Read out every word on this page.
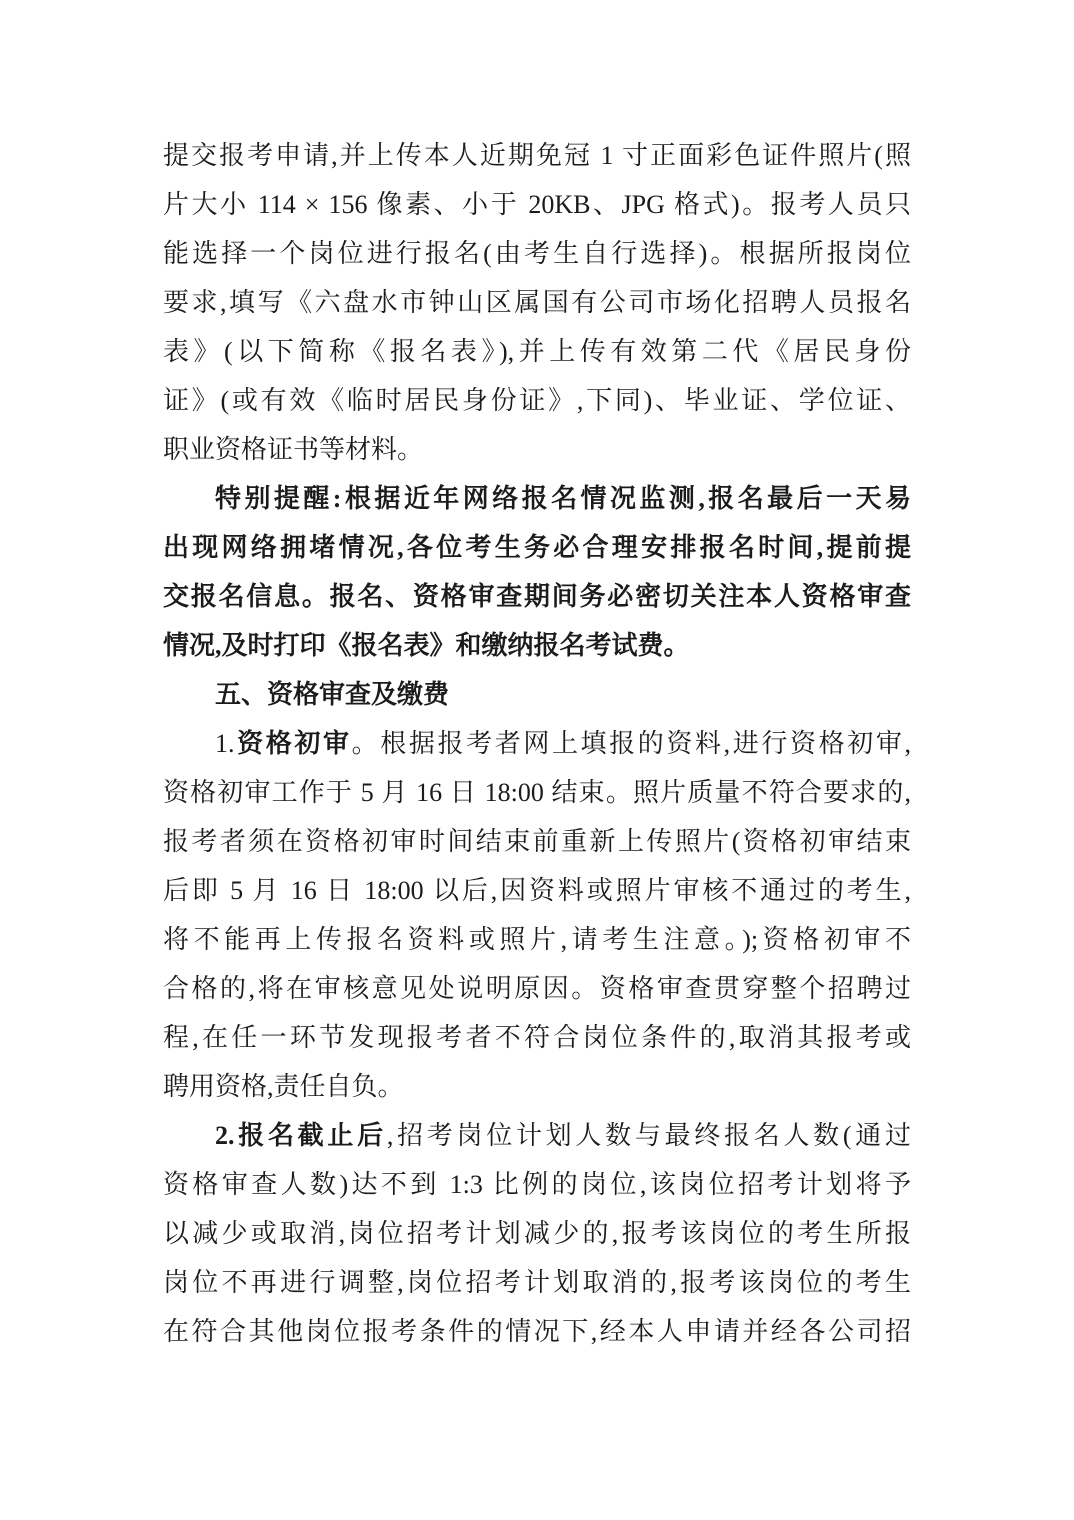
提交报考申请,并上传本人近期免冠 1 寸正面彩色证件照片(照
片大小 114 × 156 像素、小于 20KB、JPG 格式)。报考人员只
能选择一个岗位进行报名(由考生自行选择)。根据所报岗位
要求,填写《六盘水市钟山区属国有公司市场化招聘人员报名
表》(以下简称《报名表》),并上传有效第二代《居民身份
证》(或有效《临时居民身份证》,下同)、毕业证、学位证、
职业资格证书等材料。
特别提醒:根据近年网络报名情况监测,报名最后一天易
出现网络拥堵情况,各位考生务必合理安排报名时间,提前提
交报名信息。报名、资格审查期间务必密切关注本人资格审查
情况,及时打印《报名表》和缴纳报名考试费。
五、资格审查及缴费
1.资格初审。根据报考者网上填报的资料,进行资格初审,
资格初审工作于 5 月 16 日 18:00 结束。照片质量不符合要求的,
报考者须在资格初审时间结束前重新上传照片(资格初审结束
后即 5 月 16 日 18:00 以后,因资料或照片审核不通过的考生,
将不能再上传报名资料或照片,请考生注意。);资格初审不
合格的,将在审核意见处说明原因。资格审查贯穿整个招聘过
程,在任一环节发现报考者不符合岗位条件的,取消其报考或
聘用资格,责任自负。
2.报名截止后,招考岗位计划人数与最终报名人数(通过
资格审查人数)达不到 1:3 比例的岗位,该岗位招考计划将予
以减少或取消,岗位招考计划减少的,报考该岗位的考生所报
岗位不再进行调整,岗位招考计划取消的,报考该岗位的考生
在符合其他岗位报考条件的情况下,经本人申请并经各公司招
